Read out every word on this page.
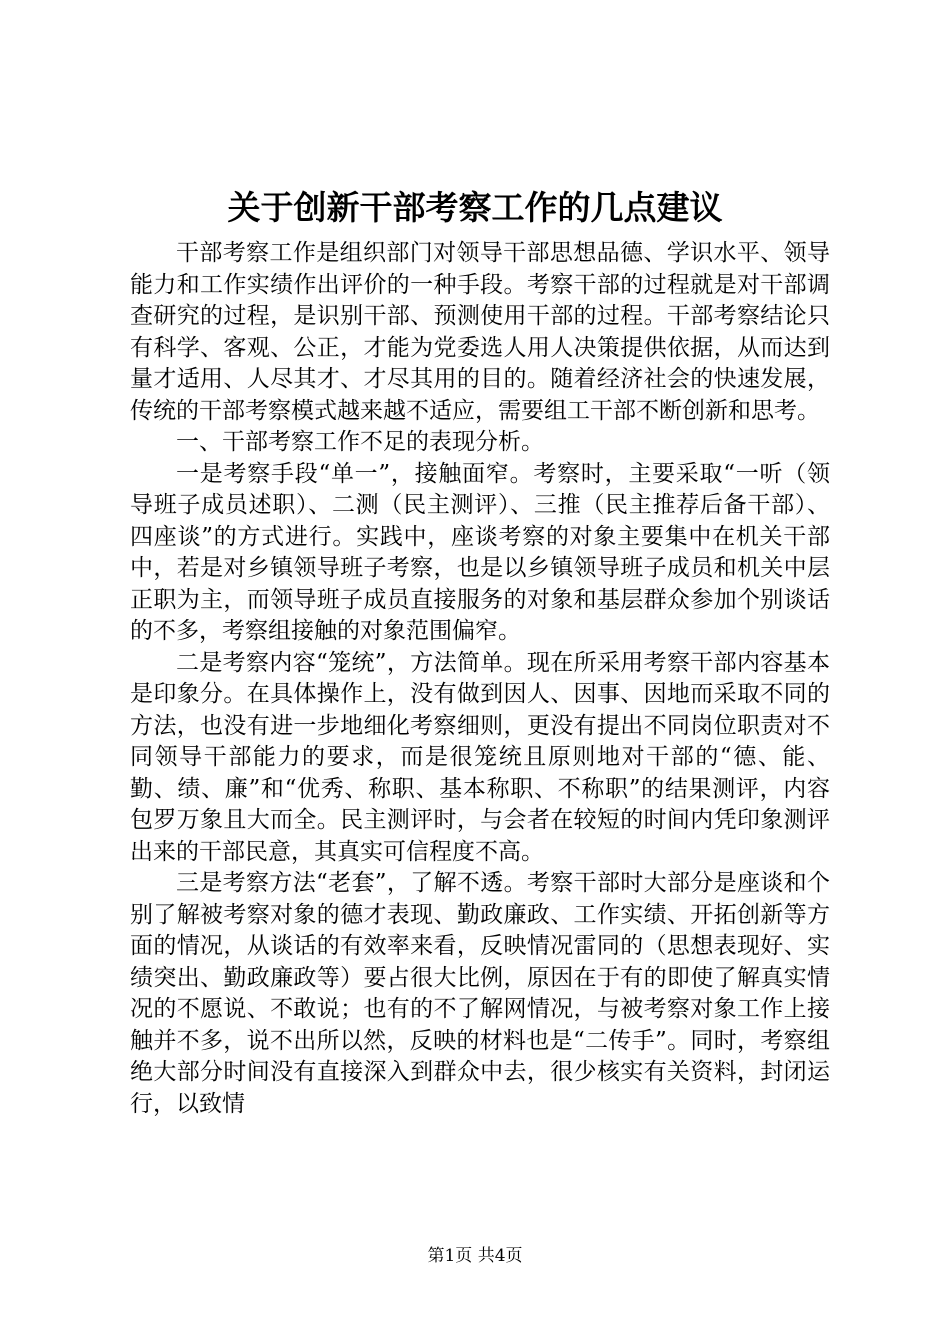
关于创新干部考察工作的几点建议

干部考察工作是组织部门对领导干部思想品德、学识水平、领导能力和工作实绩作出评价的一种手段。考察干部的过程就是对干部调查研究的过程，是识别干部、预测使用干部的过程。干部考察结论只有科学、客观、公正，才能为党委选人用人决策提供依据，从而达到量才适用、人尽其才、才尽其用的目的。随着经济社会的快速发展，传统的干部考察模式越来越不适应，需要组工干部不断创新和思考。

一、干部考察工作不足的表现分析。

一是考察手段“单一”，接触面窄。考察时，主要采取“一听（领导班子成员述职）、二测（民主测评）、三推（民主推荐后备干部）、四座谈”的方式进行。实践中，座谈考察的对象主要集中在机关干部中，若是对乡镇领导班子考察，也是以乡镇领导班子成员和机关中层正职为主，而领导班子成员直接服务的对象和基层群众参加个别谈话的不多，考察组接触的对象范围偏窄。

二是考察内容“笼统”，方法简单。现在所采用考察干部内容基本是印象分。在具体操作上，没有做到因人、因事、因地而采取不同的方法，也没有进一步地细化考察细则，更没有提出不同岗位职责对不同领导干部能力的要求，而是很笼统且原则地对干部的“德、能、勤、绩、廉”和“优秀、称职、基本称职、不称职”的结果测评，内容包罗万象且大而全。民主测评时，与会者在较短的时间内凭印象测评出来的干部民意，其真实可信程度不高。

三是考察方法“老套”，了解不透。考察干部时大部分是座谈和个别了解被考察对象的德才表现、勤政廉政、工作实绩、开拓创新等方面的情况，从谈话的有效率来看，反映情况雷同的（思想表现好、实绩突出、勤政廉政等）要占很大比例，原因在于有的即使了解真实情况的不愿说、不敢说；也有的不了解网情况，与被考察对象工作上接触并不多，说不出所以然，反映的材料也是“二传手”。同时，考察组绝大部分时间没有直接深入到群众中去，很少核实有关资料，封闭运行，以致情

第1页 共4页
